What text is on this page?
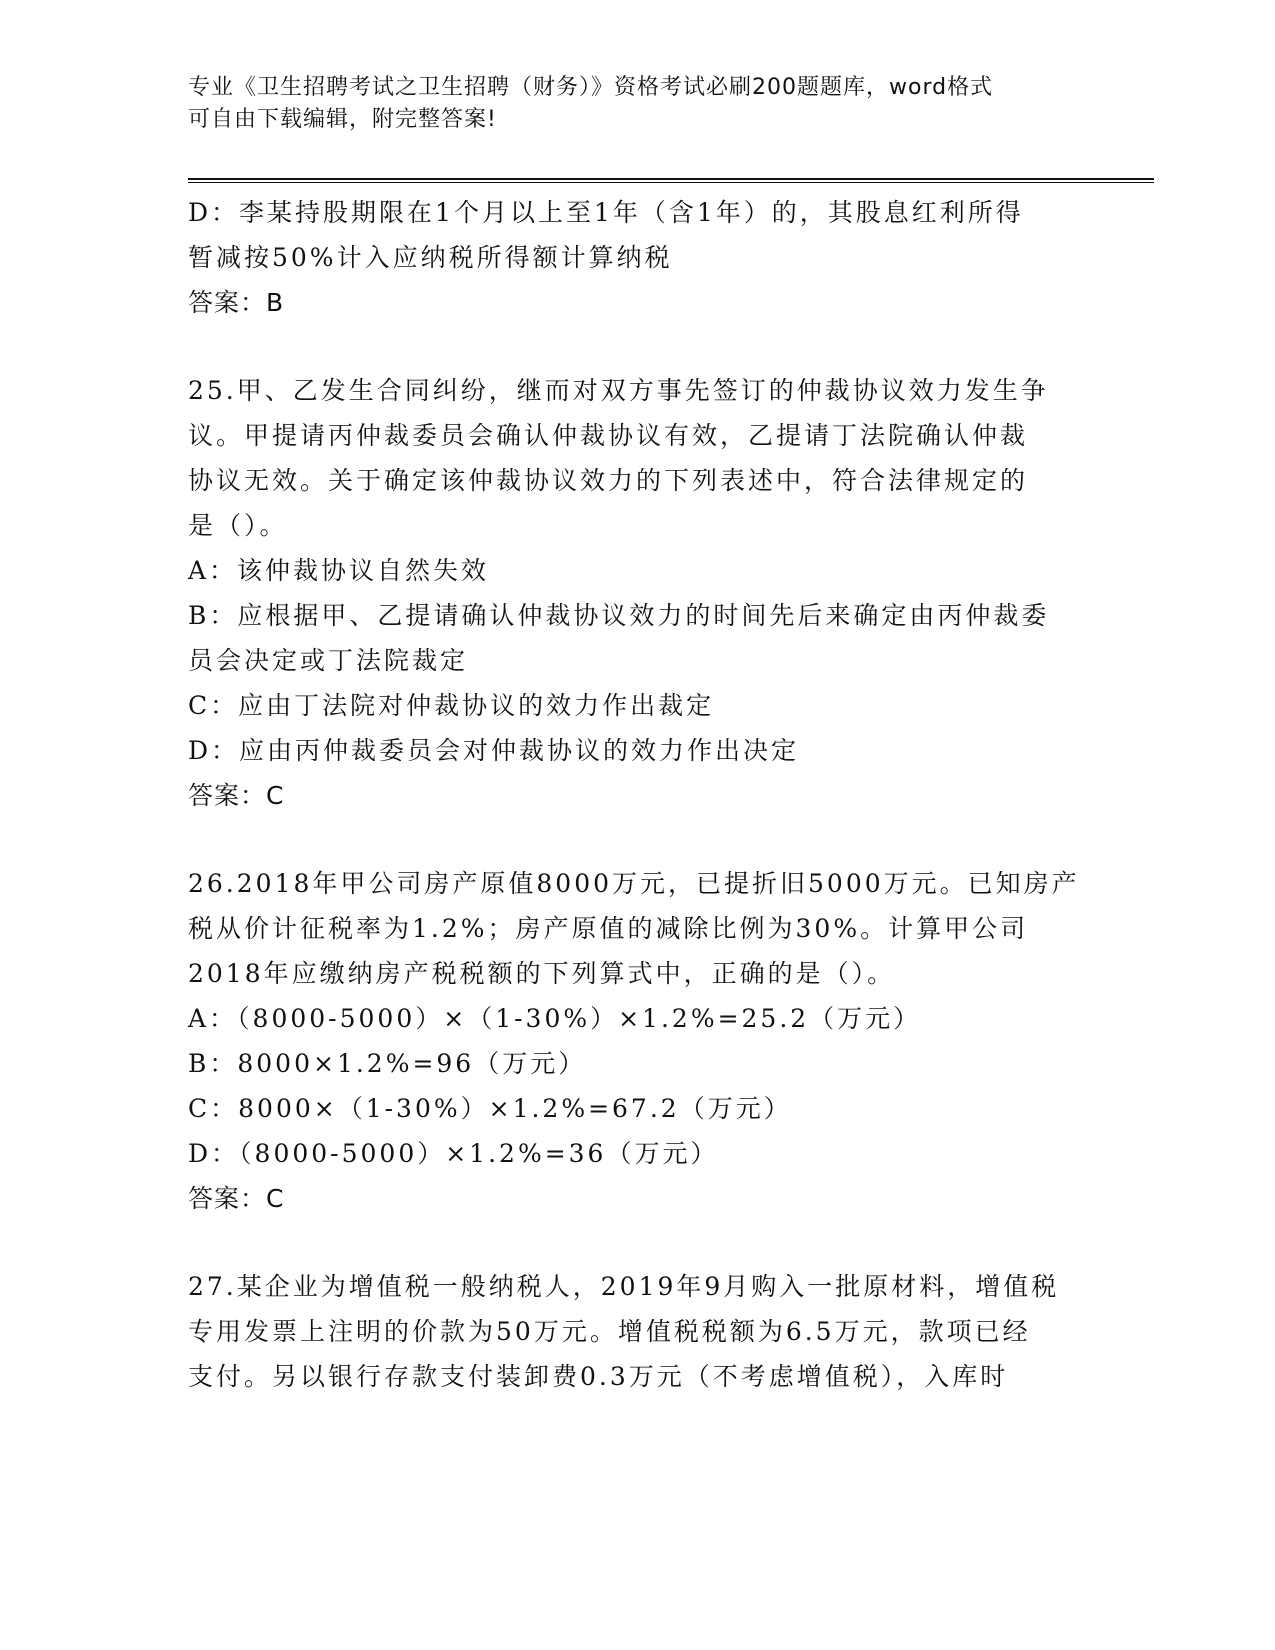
专业《卫生招聘考试之卫生招聘（财务）》资格考试必刷200题题库，word格式
可自由下载编辑，附完整答案!
D：李某持股期限在1个月以上至1年（含1年）的，其股息红利所得
暂减按50%计入应纳税所得额计算纳税
答案：B
25.甲、乙发生合同纠纷，继而对双方事先签订的仲裁协议效力发生争
议。甲提请丙仲裁委员会确认仲裁协议有效，乙提请丁法院确认仲裁
协议无效。关于确定该仲裁协议效力的下列表述中，符合法律规定的
是（）。
A：该仲裁协议自然失效
B：应根据甲、乙提请确认仲裁协议效力的时间先后来确定由丙仲裁委
员会决定或丁法院裁定
C：应由丁法院对仲裁协议的效力作出裁定
D：应由丙仲裁委员会对仲裁协议的效力作出决定
答案：C
26.2018年甲公司房产原值8000万元，已提折旧5000万元。已知房产
税从价计征税率为1.2%；房产原值的减除比例为30%。计算甲公司
2018年应缴纳房产税税额的下列算式中，正确的是（）。
A：（8000-5000）×（1-30%）×1.2%=25.2（万元）
B：8000×1.2%=96（万元）
C：8000×（1-30%）×1.2%=67.2（万元）
D：（8000-5000）×1.2%=36（万元）
答案：C
27.某企业为增值税一般纳税人，2019年9月购入一批原材料，增值税
专用发票上注明的价款为50万元。增值税税额为6.5万元，款项已经
支付。另以银行存款支付装卸费0.3万元（不考虑增值税），入库时
